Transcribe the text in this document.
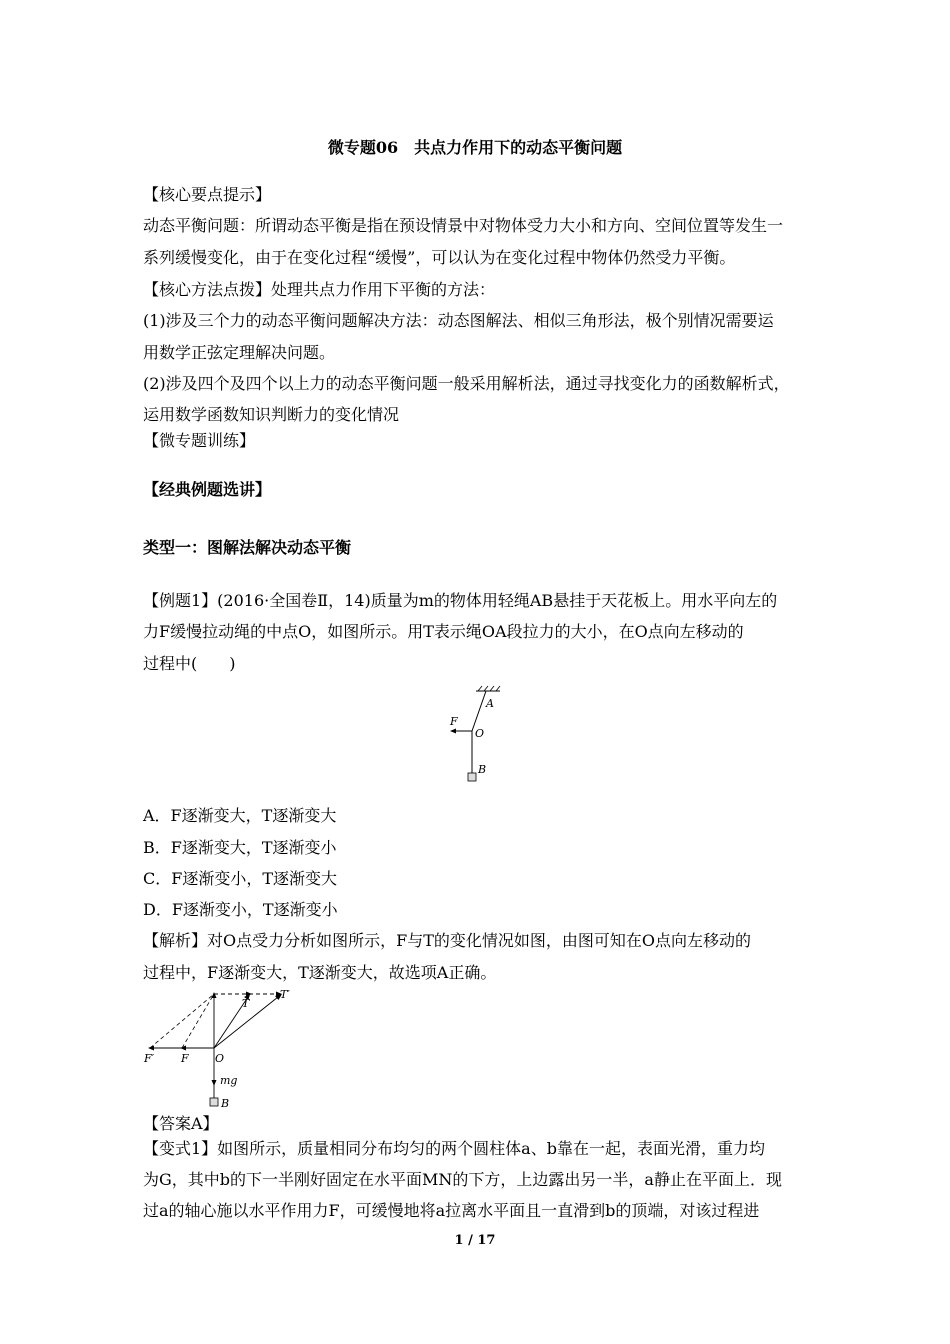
微专题06　共点力作用下的动态平衡问题
【核心要点提示】
动态平衡问题：所谓动态平衡是指在预设情景中对物体受力大小和方向、空间位置等发生一
系列缓慢变化，由于在变化过程“缓慢”，可以认为在变化过程中物体仍然受力平衡。
【核心方法点拨】处理共点力作用下平衡的方法：
(1)涉及三个力的动态平衡问题解决方法：动态图解法、相似三角形法，极个别情况需要运
用数学正弦定理解决问题。
(2)涉及四个及四个以上力的动态平衡问题一般采用解析法，通过寻找变化力的函数解析式，
运用数学函数知识判断力的变化情况
【微专题训练】
【经典例题选讲】
类型一：图解法解决动态平衡
【例题1】(2016·全国卷Ⅱ，14)质量为m的物体用轻绳AB悬挂于天花板上。用水平向左的
力F缓慢拉动绳的中点O，如图所示。用T表示绳OA段拉力的大小，在O点向左移动的
过程中(　　)
A
F
O
B
A．F逐渐变大，T逐渐变大
B．F逐渐变大，T逐渐变小
C．F逐渐变小，T逐渐变大
D．F逐渐变小，T逐渐变小
【解析】对O点受力分析如图所示，F与T的变化情况如图，由图可知在O点向左移动的
过程中，F逐渐变大，T逐渐变大，故选项A正确。
T′
T
F′ F O
mg
B
【答案A】
【变式1】如图所示，质量相同分布均匀的两个圆柱体a、b靠在一起，表面光滑，重力均
为G，其中b的下一半刚好固定在水平面MN的下方，上边露出另一半，a静止在平面上．现
过a的轴心施以水平作用力F，可缓慢地将a拉离水平面且一直滑到b的顶端，对该过程进
1 / 17
